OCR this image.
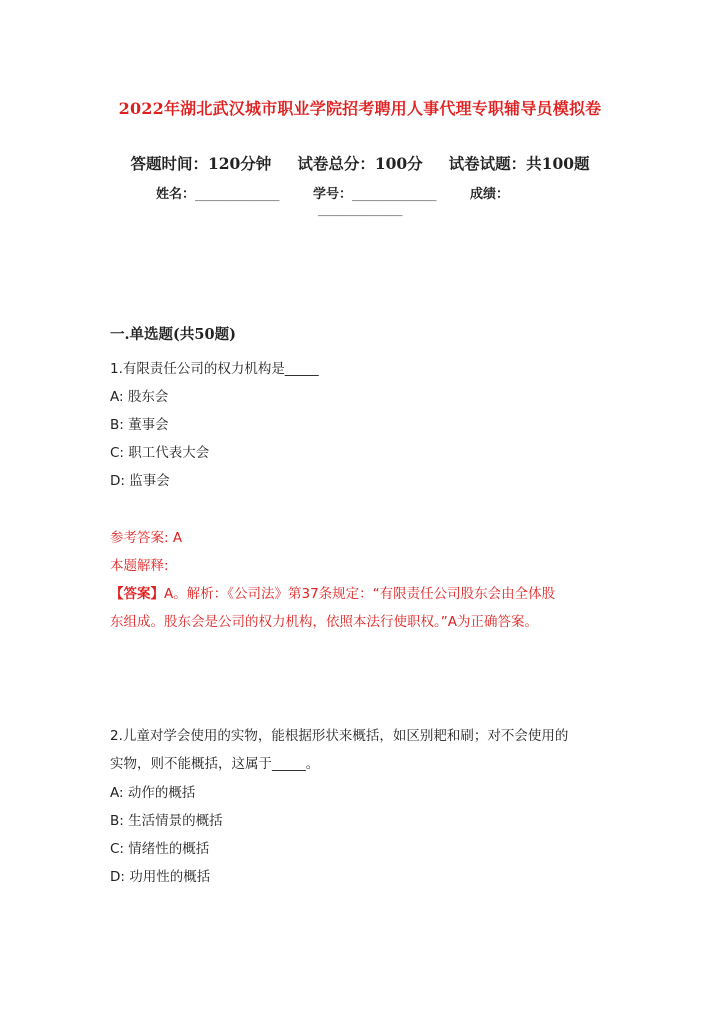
2022年湖北武汉城市职业学院招考聘用人事代理专职辅导员模拟卷
答题时间：120分钟 试卷总分：100分 试卷试题：共100题
姓名：______________	学号：______________	成绩：
______________
一.单选题(共50题)
1.有限责任公司的权力机构是_____
A: 股东会
B: 董事会
C: 职工代表大会
D: 监事会
参考答案: A
本题解释:
【答案】A。解析：《公司法》第37条规定：“有限责任公司股东会由全体股
东组成。股东会是公司的权力机构，依照本法行使职权。”A为正确答案。
2.儿童对学会使用的实物，能根据形状来概括，如区别耙和刷；对不会使用的
实物，则不能概括，这属于_____。
A: 动作的概括
B: 生活情景的概括
C: 情绪性的概括
D: 功用性的概括
